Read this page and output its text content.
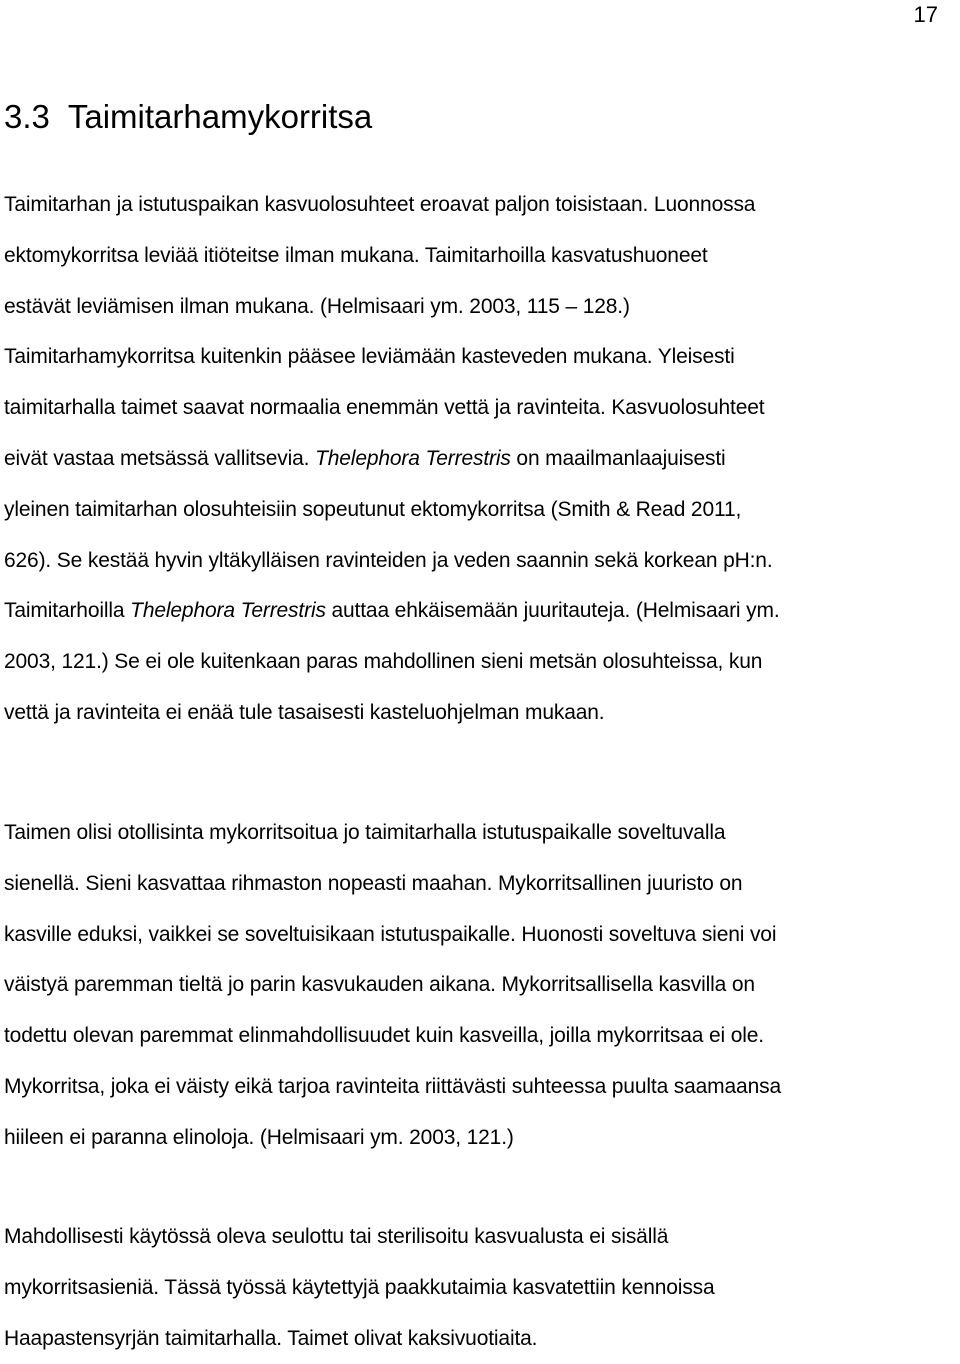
17
3.3 Taimitarhamykorritsa
Taimitarhan ja istutuspaikan kasvuolosuhteet eroavat paljon toisistaan. Luonnossa
ektomykorritsa leviää itiöteitse ilman mukana. Taimitarhoilla kasvatushuoneet
estävät leviämisen ilman mukana. (Helmisaari ym. 2003, 115 – 128.)
Taimitarhamykorritsa kuitenkin pääsee leviämään kasteveden mukana. Yleisesti
taimitarhalla taimet saavat normaalia enemmän vettä ja ravinteita. Kasvuolosuhteet
eivät vastaa metsässä vallitsevia. Thelephora Terrestris on maailmanlaajuisesti
yleinen taimitarhan olosuhteisiin sopeutunut ektomykorritsa (Smith & Read 2011,
626). Se kestää hyvin yltäkylläisen ravinteiden ja veden saannin sekä korkean pH:n.
Taimitarhoilla Thelephora Terrestris auttaa ehkäisemään juuritauteja. (Helmisaari ym.
2003, 121.) Se ei ole kuitenkaan paras mahdollinen sieni metsän olosuhteissa, kun
vettä ja ravinteita ei enää tule tasaisesti kasteluohjelman mukaan.
Taimen olisi otollisinta mykorritsoitua jo taimitarhalla istutuspaikalle soveltuvalla
sienellä. Sieni kasvattaa rihmaston nopeasti maahan. Mykorritsallinen juuristo on
kasville eduksi, vaikkei se soveltuisikaan istutuspaikalle. Huonosti soveltuva sieni voi
väistyä paremman tieltä jo parin kasvukauden aikana. Mykorritsallisella kasvilla on
todettu olevan paremmat elinmahdollisuudet kuin kasveilla, joilla mykorritsaa ei ole.
Mykorritsa, joka ei väisty eikä tarjoa ravinteita riittävästi suhteessa puulta saamaansa
hiileen ei paranna elinoloja. (Helmisaari ym. 2003, 121.)
Mahdollisesti käytössä oleva seulottu tai sterilisoitu kasvualusta ei sisällä
mykorritsasieniä. Tässä työssä käytettyjä paakkutaimia kasvatettiin kennoissa
Haapastensyrjän taimitarhalla. Taimet olivat kaksivuotiaita.
